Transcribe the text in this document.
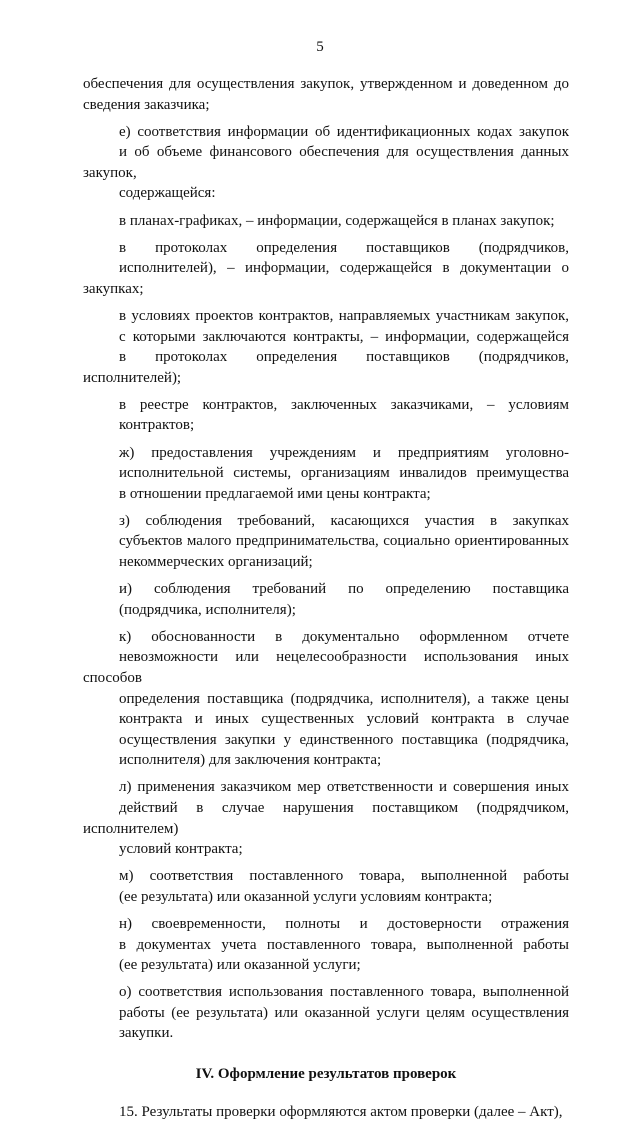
5
обеспечения для осуществления закупок, утвержденном и доведенном до
сведения заказчика;
е) соответствия информации об идентификационных кодах закупок
и об объеме финансового обеспечения для осуществления данных закупок,
содержащейся:
в планах-графиках, – информации, содержащейся в планах закупок;
в протоколах определения поставщиков (подрядчиков,
исполнителей), – информации, содержащейся в документации о закупках;
в условиях проектов контрактов, направляемых участникам закупок,
с которыми заключаются контракты, – информации, содержащейся
в протоколах определения поставщиков (подрядчиков, исполнителей);
в реестре контрактов, заключенных заказчиками, – условиям
контрактов;
ж) предоставления учреждениям и предприятиям уголовно-
исполнительной системы, организациям инвалидов преимущества
в отношении предлагаемой ими цены контракта;
з) соблюдения требований, касающихся участия в закупках
субъектов малого предпринимательства, социально ориентированных
некоммерческих организаций;
и) соблюдения требований по определению поставщика
(подрядчика, исполнителя);
к) обоснованности в документально оформленном отчете
невозможности или нецелесообразности использования иных способов
определения поставщика (подрядчика, исполнителя), а также цены
контракта и иных существенных условий контракта в случае
осуществления закупки у единственного поставщика (подрядчика,
исполнителя) для заключения контракта;
л) применения заказчиком мер ответственности и совершения иных
действий в случае нарушения поставщиком (подрядчиком, исполнителем)
условий контракта;
м) соответствия поставленного товара, выполненной работы
(ее результата) или оказанной услуги условиям контракта;
н) своевременности, полноты и достоверности отражения
в документах учета поставленного товара, выполненной работы
(ее результата) или оказанной услуги;
о) соответствия использования поставленного товара, выполненной
работы (ее результата) или оказанной услуги целям осуществления
закупки.
IV. Оформление результатов проверок
15. Результаты проверки оформляются актом проверки (далее – Акт),
